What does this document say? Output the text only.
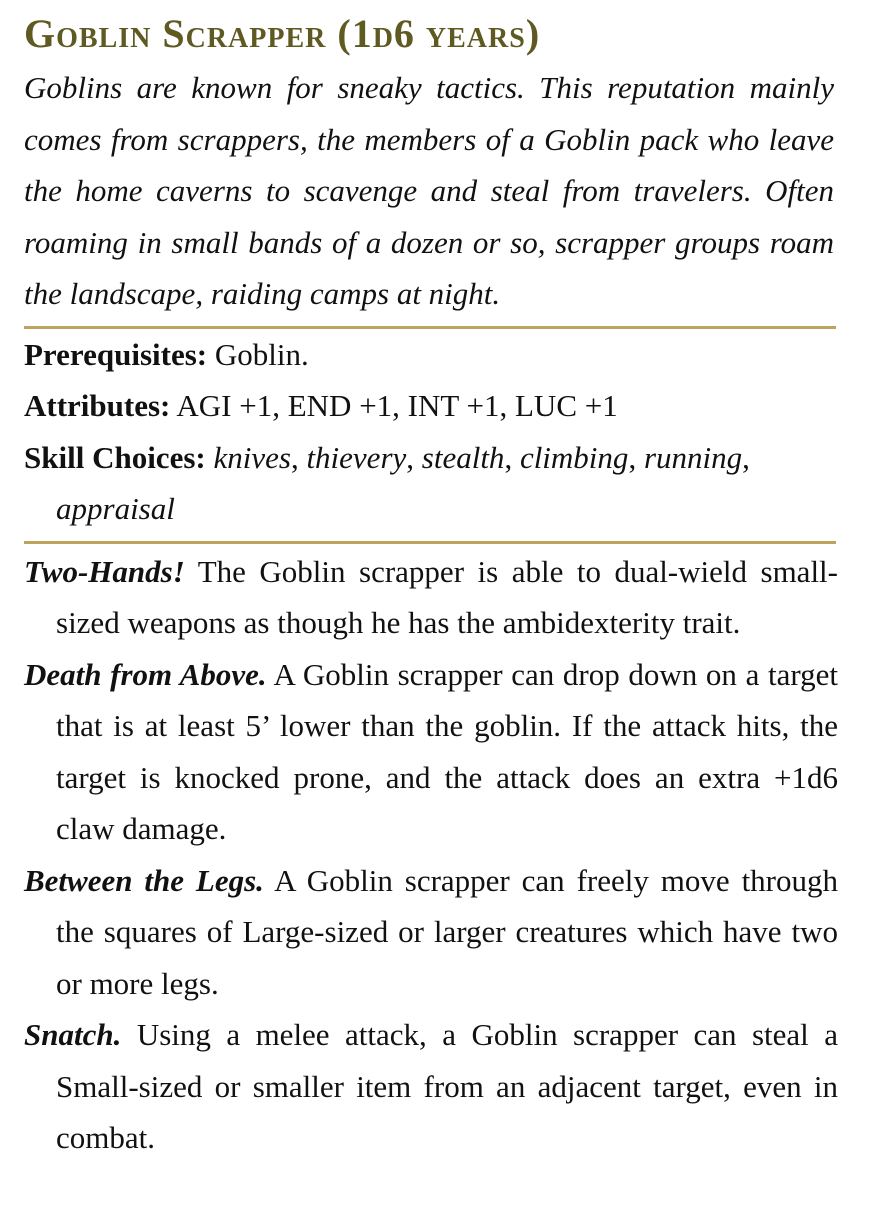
Goblin Scrapper (1d6 years)

Goblins are known for sneaky tactics. This reputation mainly comes from scrappers, the members of a Goblin pack who leave the home caverns to scavenge and steal from travelers. Often roaming in small bands of a dozen or so, scrapper groups roam the landscape, raiding camps at night.

Prerequisites: Goblin.
Attributes: AGI +1, END +1, INT +1, LUC +1
Skill Choices: knives, thievery, stealth, climbing, running, appraisal

Two-Hands! The Goblin scrapper is able to dual-wield small-sized weapons as though he has the ambidexterity trait.

Death from Above. A Goblin scrapper can drop down on a target that is at least 5’ lower than the goblin. If the attack hits, the target is knocked prone, and the attack does an extra +1d6 claw damage.

Between the Legs. A Goblin scrapper can freely move through the squares of Large-sized or larger creatures which have two or more legs.

Snatch. Using a melee attack, a Goblin scrapper can steal a Small-sized or smaller item from an adjacent target, even in combat.
